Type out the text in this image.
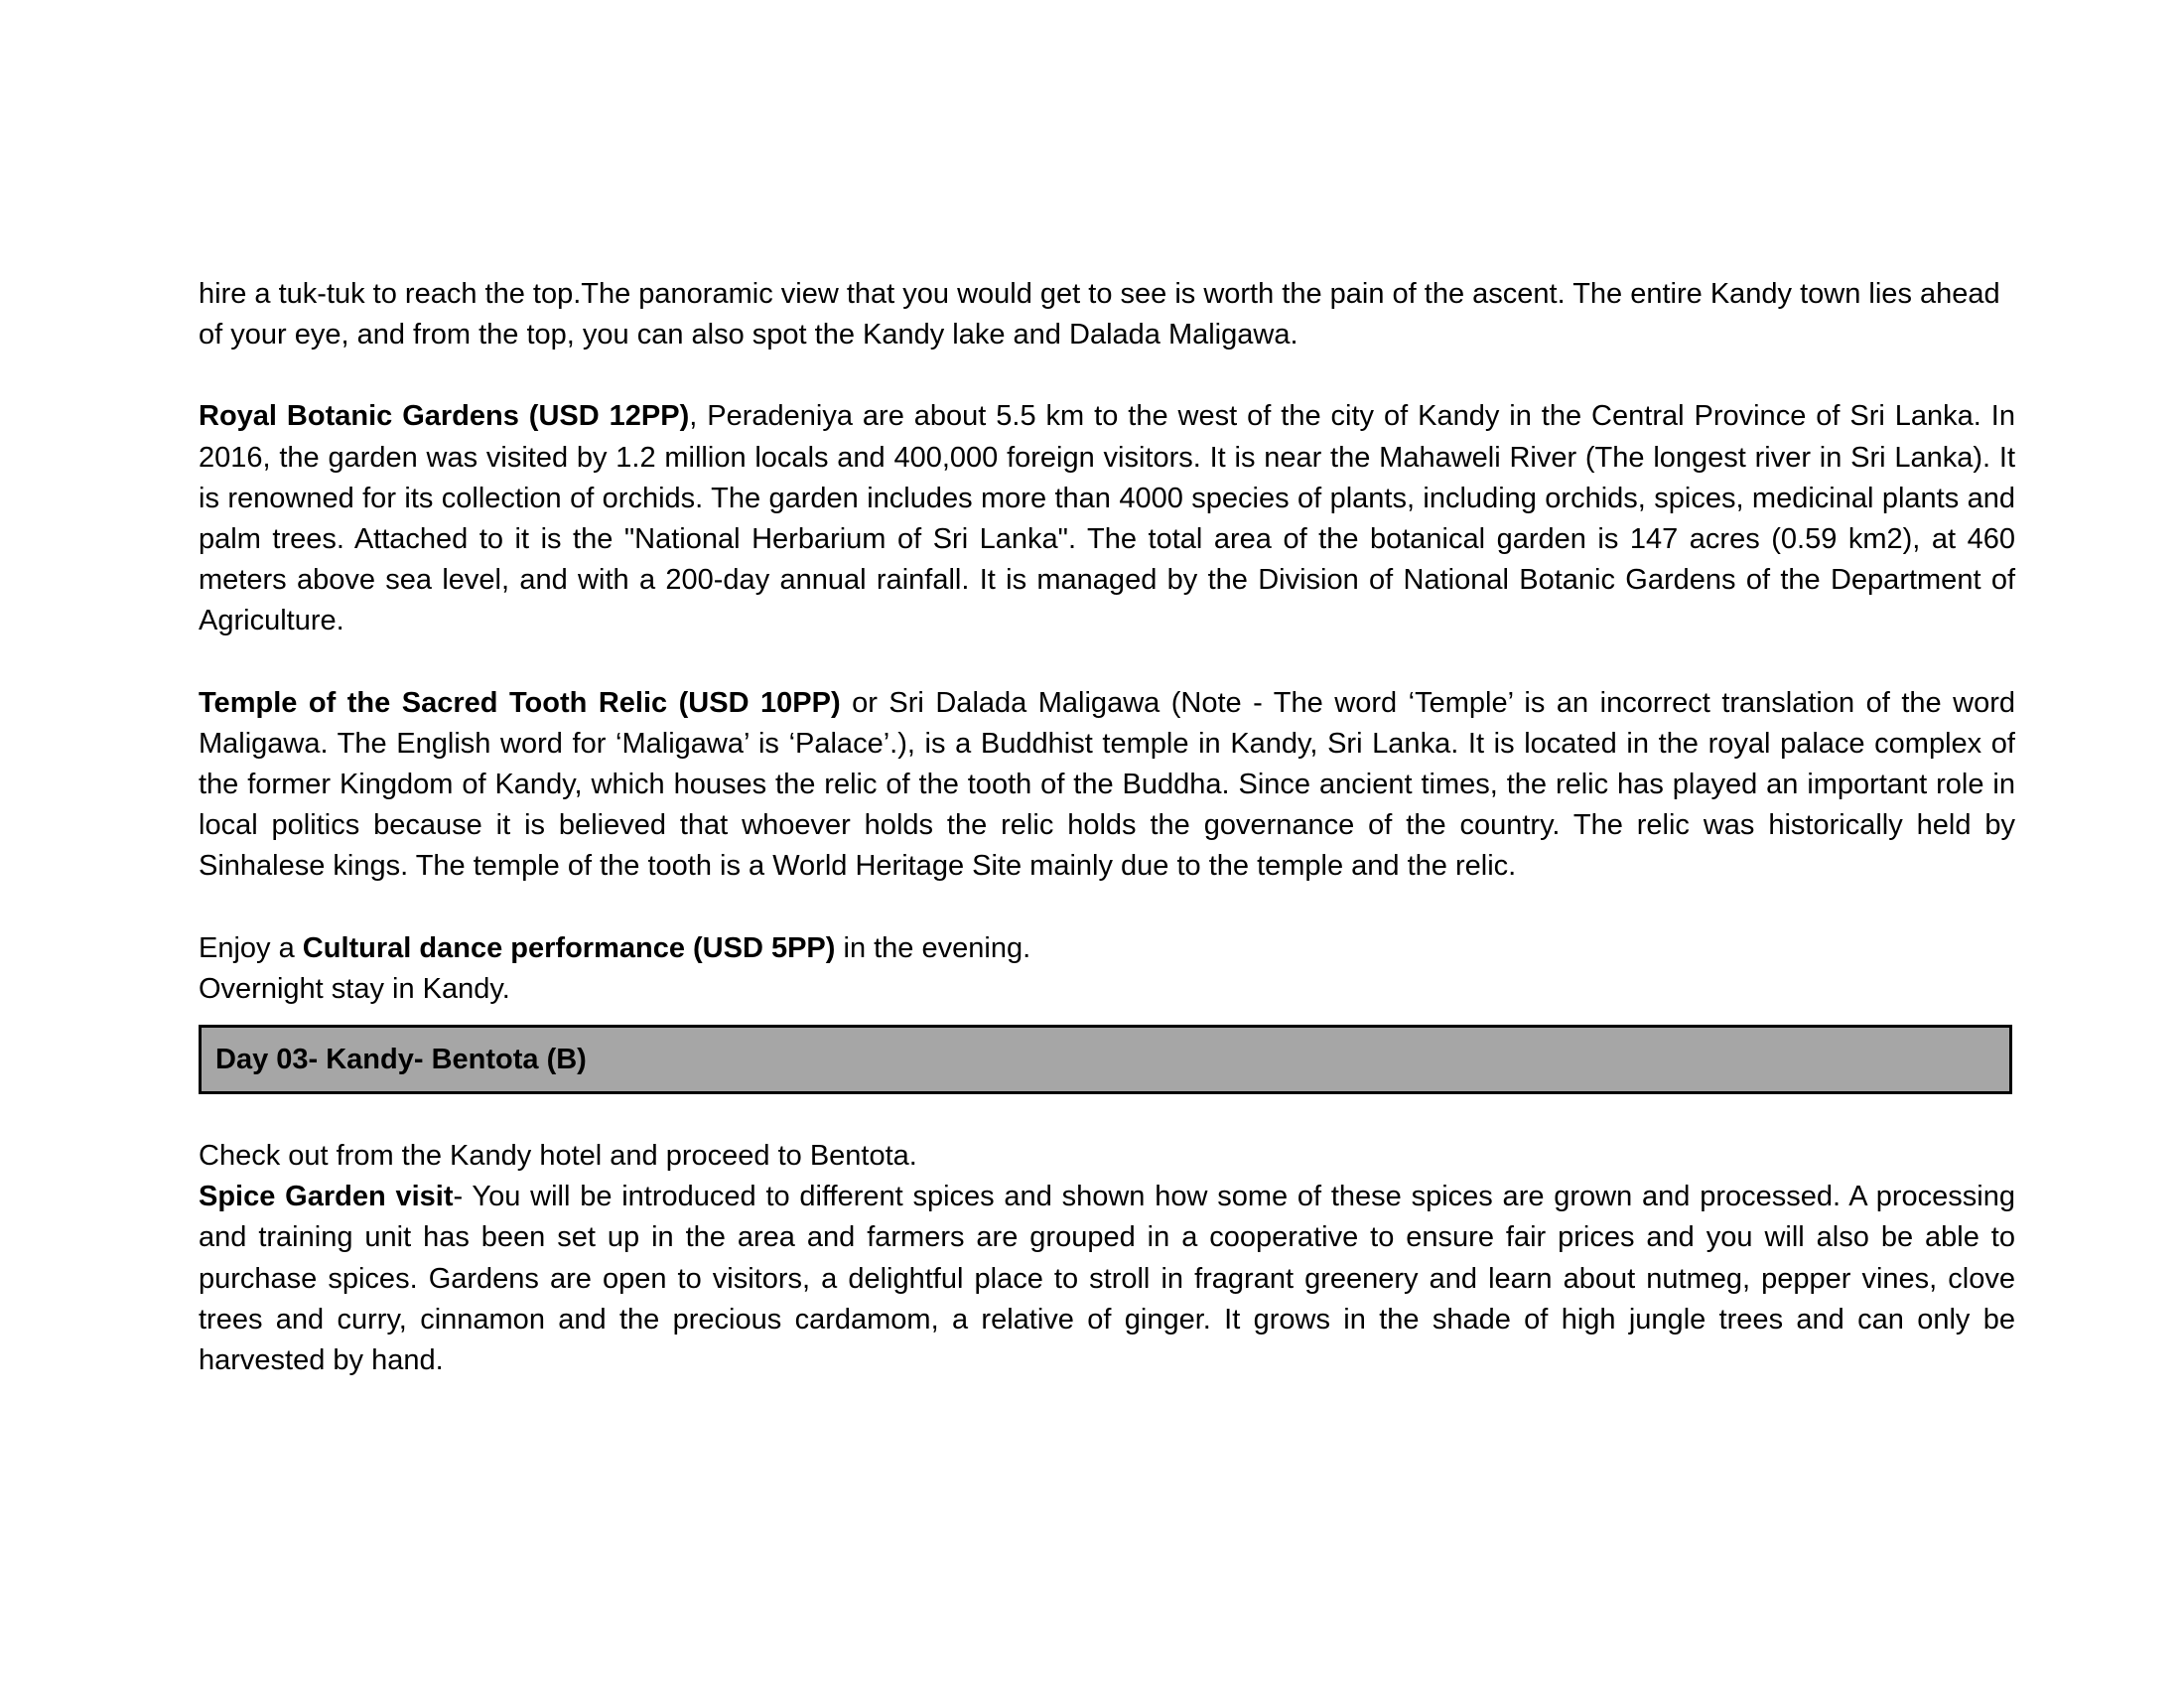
hire a tuk-tuk to reach the top.The panoramic view that you would get to see is worth the pain of the ascent. The entire Kandy town lies ahead of your eye, and from the top, you can also spot the Kandy lake and Dalada Maligawa.

Royal Botanic Gardens (USD 12PP), Peradeniya are about 5.5 km to the west of the city of Kandy in the Central Province of Sri Lanka. In 2016, the garden was visited by 1.2 million locals and 400,000 foreign visitors. It is near the Mahaweli River (The longest river in Sri Lanka). It is renowned for its collection of orchids. The garden includes more than 4000 species of plants, including orchids, spices, medicinal plants and palm trees. Attached to it is the "National Herbarium of Sri Lanka". The total area of the botanical garden is 147 acres (0.59 km2), at 460 meters above sea level, and with a 200-day annual rainfall. It is managed by the Division of National Botanic Gardens of the Department of Agriculture.

Temple of the Sacred Tooth Relic (USD 10PP) or Sri Dalada Maligawa (Note - The word ‘Temple’ is an incorrect translation of the word Maligawa. The English word for ‘Maligawa’ is ‘Palace’.), is a Buddhist temple in Kandy, Sri Lanka. It is located in the royal palace complex of the former Kingdom of Kandy, which houses the relic of the tooth of the Buddha. Since ancient times, the relic has played an important role in local politics because it is believed that whoever holds the relic holds the governance of the country. The relic was historically held by Sinhalese kings. The temple of the tooth is a World Heritage Site mainly due to the temple and the relic.

Enjoy a Cultural dance performance (USD 5PP) in the evening.

Overnight stay in Kandy.

Day 03- Kandy- Bentota (B)

Check out from the Kandy hotel and proceed to Bentota.

Spice Garden visit- You will be introduced to different spices and shown how some of these spices are grown and processed. A processing and training unit has been set up in the area and farmers are grouped in a cooperative to ensure fair prices and you will also be able to purchase spices. Gardens are open to visitors, a delightful place to stroll in fragrant greenery and learn about nutmeg, pepper vines, clove trees and curry, cinnamon and the precious cardamom, a relative of ginger. It grows in the shade of high jungle trees and can only be harvested by hand.
